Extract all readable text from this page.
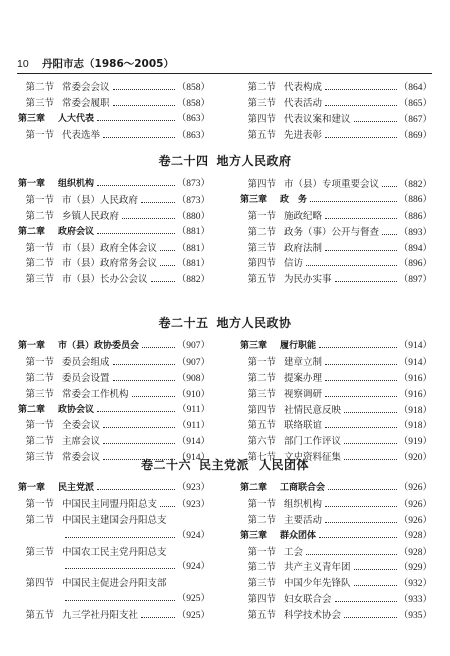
10 丹阳市志（1986～2005）
第二节 常委会会议	（858）
第三节 常委会履职	（858）
第三章	人大代表	（863）
第一节 代表选举	（863）
第二节 代表构成	（864）
第三节 代表活动	（865）
第四节 代表议案和建议	（867）
第五节 先进表彰	（869）
卷二十四 地方人民政府
第一章	组织机构	（873）
第一节 市（县）人民政府	（873）
第二节 乡镇人民政府	（880）
第二章	政府会议	（881）
第一节 市（县）政府全体会议 （881）
第二节 市（县）政府常务会议 （881）
第三节 市（县）长办公会议	（882）
第四节 市（县）专项重要会议 （882）
第三章	政　务	（886）
第一节 施政纪略	（886）
第二节 政务（事）公开与督查 （893）
第三节 政府法制	（894）
第四节 信访	（896）
第五节 为民办实事	（897）
卷二十五 地方人民政协
第一章	市（县）政协委员会	（907）
第一节 委员会组成	（907）
第二节 委员会设置	（908）
第三节 常委会工作机构	（910）
第二章	政协会议	（911）
第一节 全委会议	（911）
第二节 主席会议	（914）
第三节 常委会议	（914）
第三章	履行职能	（914）
第一节 建章立制	（914）
第二节 提案办理	（916）
第三节 视察调研	（916）
第四节 社情民意反映	（918）
第五节 联络联谊	（918）
第六节 部门工作评议	（919）
第七节 文史资料征集	（920）
卷二十六 民主党派 人民团体
第一章	民主党派	（923）
第一节 中国民主同盟丹阳总支 （923）
第二节 中国民主建国会丹阳总支
（924）
第三节 中国农工民主党丹阳总支
（924）
第四节 中国民主促进会丹阳支部
（925）
第五节 九三学社丹阳支社	（925）
第二章	工商联合会	（926）
第一节 组织机构	（926）
第二节 主要活动	（926）
第三章	群众团体	（928）
第一节 工会	（928）
第二节 共产主义青年团	（929）
第三节 中国少年先锋队	（932）
第四节 妇女联合会	（933）
第五节 科学技术协会	（935）
